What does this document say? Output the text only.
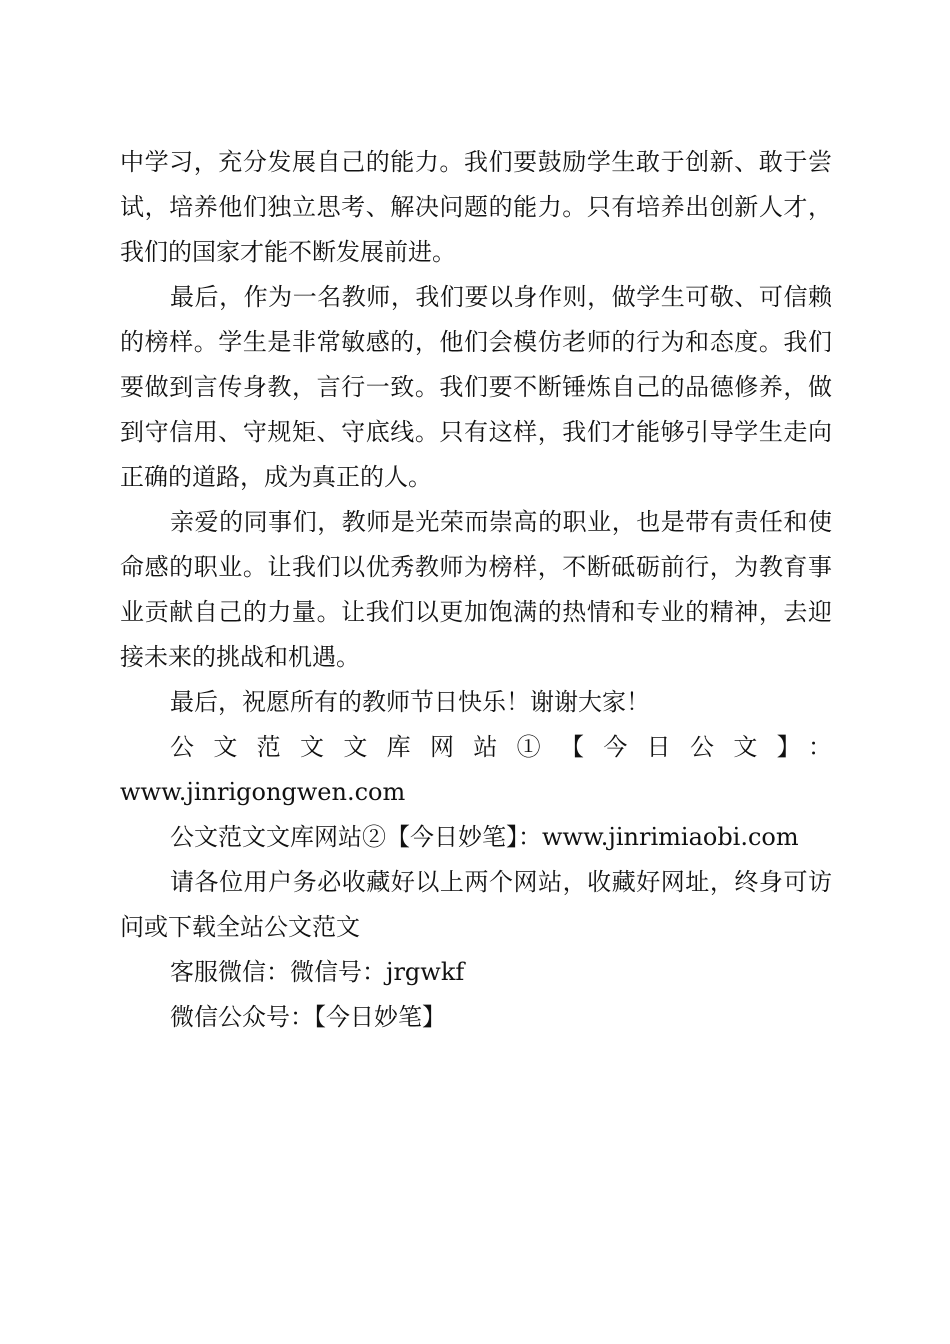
中学习，充分发展自己的能力。我们要鼓励学生敢于创新、敢于尝试，培养他们独立思考、解决问题的能力。只有培养出创新人才，我们的国家才能不断发展前进。

最后，作为一名教师，我们要以身作则，做学生可敬、可信赖的榜样。学生是非常敏感的，他们会模仿老师的行为和态度。我们要做到言传身教，言行一致。我们要不断锤炼自己的品德修养，做到守信用、守规矩、守底线。只有这样，我们才能够引导学生走向正确的道路，成为真正的人。

亲爱的同事们，教师是光荣而崇高的职业，也是带有责任和使命感的职业。让我们以优秀教师为榜样，不断砥砺前行，为教育事业贡献自己的力量。让我们以更加饱满的热情和专业的精神，去迎接未来的挑战和机遇。

最后，祝愿所有的教师节日快乐！谢谢大家！

公文范文文库网站①【今日公文】：

www.jinrigongwen.com

公文范文文库网站②【今日妙笔】：www.jinrimiaobi.com

请各位用户务必收藏好以上两个网站，收藏好网址，终身可访问或下载全站公文范文

客服微信：微信号：jrgwkf

微信公众号：【今日妙笔】
